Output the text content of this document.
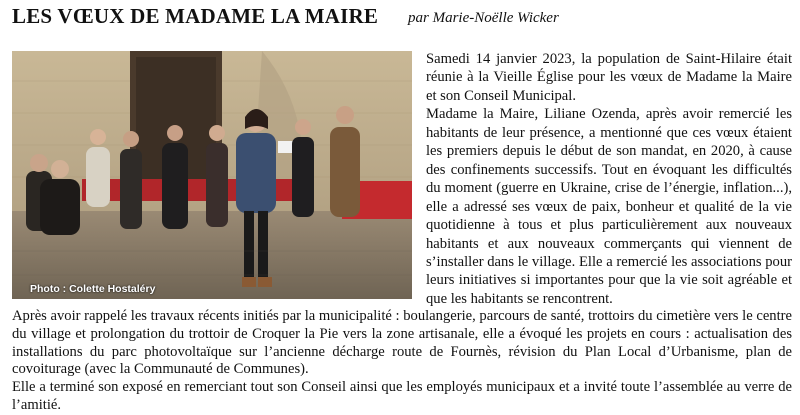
LES VŒUX DE MADAME LA MAIRE par Marie-Noëlle Wicker
Photo : Colette Hostaléry

Samedi 14 janvier 2023, la population de Saint-Hilaire était réunie à la Vieille Église pour les vœux de Madame la Maire et son Conseil Municipal.

Madame la Maire, Liliane Ozenda, après avoir remercié les habitants de leur présence, a mentionné que ces vœux étaient les premiers depuis le début de son mandat, en 2020, à cause des confinements successifs. Tout en évoquant les difficultés du moment (guerre en Ukraine, crise de l’énergie, inflation...), elle a adressé ses vœux de paix, bonheur et qualité de la vie quotidienne à tous et plus particulièrement aux nouveaux habitants et aux nouveaux commerçants qui viennent de s’installer dans le village. Elle a remercié les associations pour leurs initiatives si importantes pour que la vie soit agréable et que les habitants se rencontrent.

Après avoir rappelé les travaux récents initiés par la municipalité : boulangerie, parcours de santé, trottoirs du cimetière vers le centre du village et prolongation du trottoir de Croquer la Pie vers la zone artisanale, elle a évoqué les projets en cours : actualisation des installations du parc photovoltaïque sur l’ancienne décharge route de Fournès, révision du Plan Local d’Urbanisme, plan de covoiturage (avec la Communauté de Communes).

Elle a terminé son exposé en remerciant tout son Conseil ainsi que les employés municipaux et a invité toute l’assemblée au verre de l’amitié.
